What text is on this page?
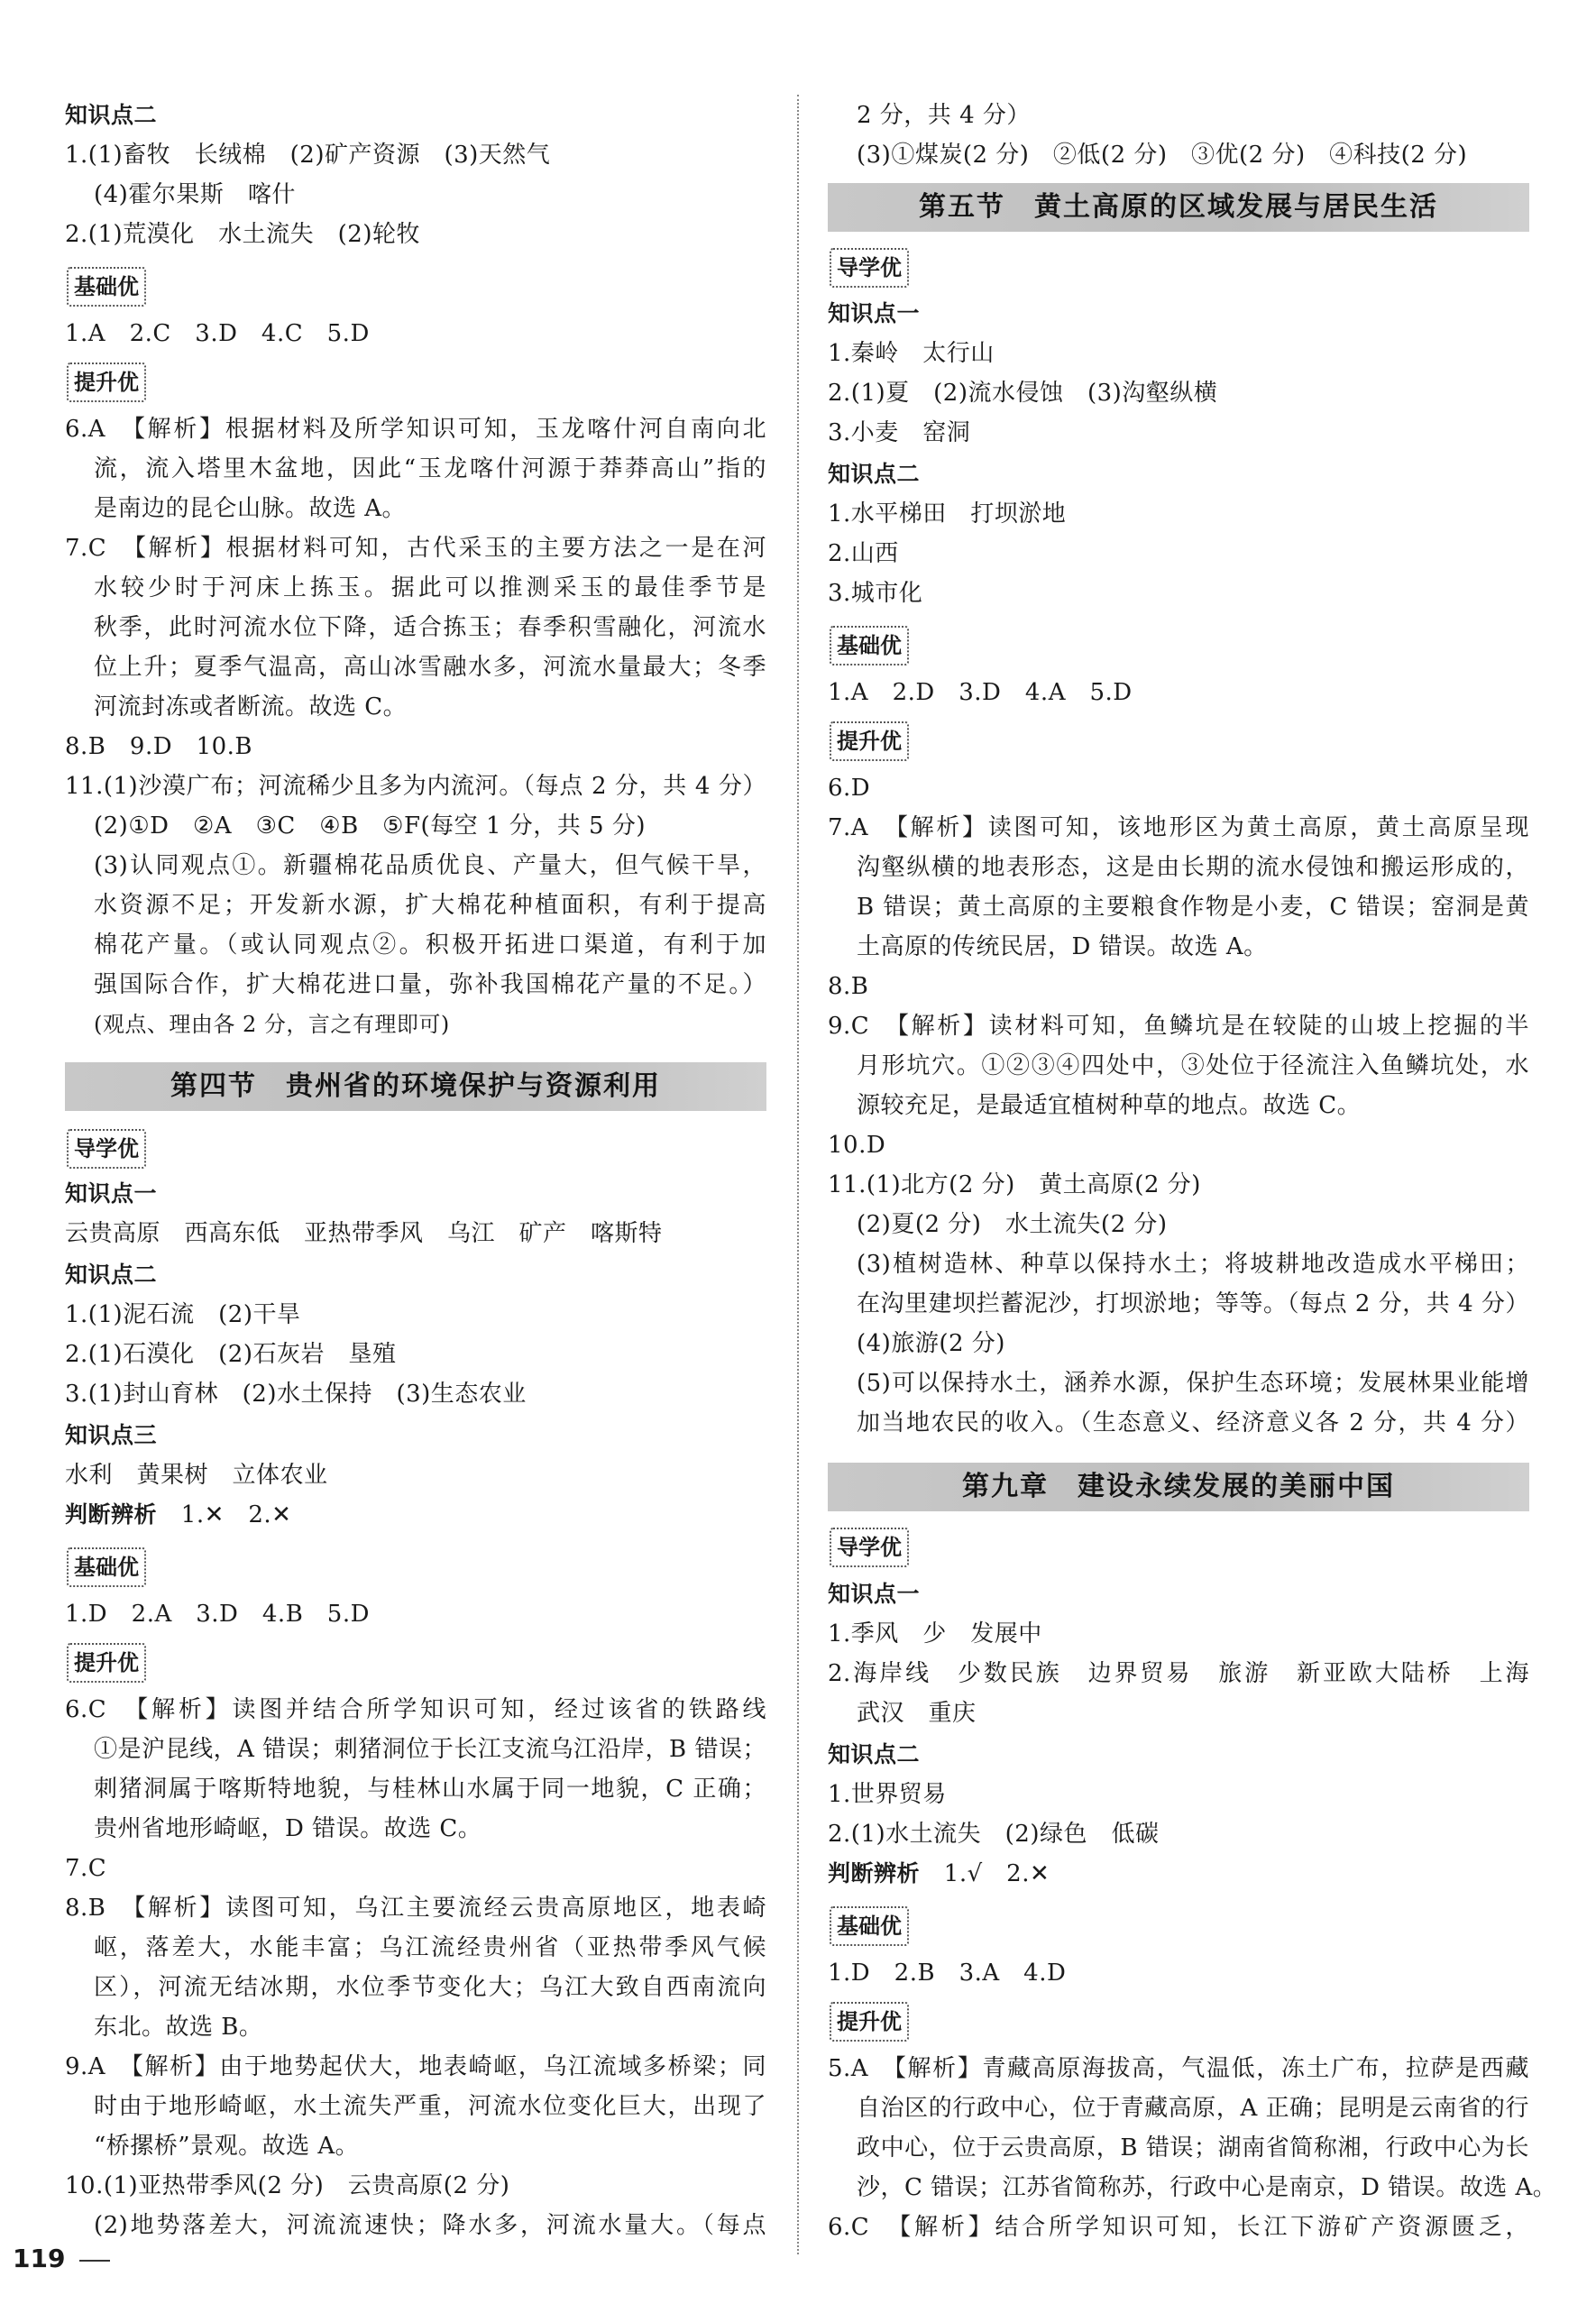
知识点二

1.(1)畜牧　长绒棉　(2)矿产资源　(3)天然气

(4)霍尔果斯　喀什

2.(1)荒漠化　水土流失　(2)轮牧

基础优

1.A　2.C　3.D　4.C　5.D

提升优

6.A　【解析】根据材料及所学知识可知，玉龙喀什河自南向北

流，流入塔里木盆地，因此“玉龙喀什河源于莽莽高山”指的

是南边的昆仑山脉。故选 A。

7.C　【解析】根据材料可知，古代采玉的主要方法之一是在河

水较少时于河床上拣玉。据此可以推测采玉的最佳季节是

秋季，此时河流水位下降，适合拣玉；春季积雪融化，河流水

位上升；夏季气温高，高山冰雪融水多，河流水量最大；冬季

河流封冻或者断流。故选 C。

8.B　9.D　10.B

11.(1)沙漠广布；河流稀少且多为内流河。（每点 2 分，共 4 分）

(2)①D　②A　③C　④B　⑤F(每空 1 分，共 5 分)

(3)认同观点①。新疆棉花品质优良、产量大，但气候干旱，

水资源不足；开发新水源，扩大棉花种植面积，有利于提高

棉花产量。（或认同观点②。积极开拓进口渠道，有利于加

强国际合作，扩大棉花进口量，弥补我国棉花产量的不足。）

(观点、理由各 2 分，言之有理即可)

第四节　贵州省的环境保护与资源利用
导学优

知识点一

云贵高原　西高东低　亚热带季风　乌江　矿产　喀斯特

知识点二

1.(1)泥石流　(2)干旱

2.(1)石漠化　(2)石灰岩　垦殖

3.(1)封山育林　(2)水土保持　(3)生态农业

知识点三

水利　黄果树　立体农业

判断辨析 1.✕　2.✕

基础优

1.D　2.A　3.D　4.B　5.D

提升优

6.C　【解析】读图并结合所学知识可知，经过该省的铁路线

①是沪昆线，A 错误；刺猪洞位于长江支流乌江沿岸，B 错误；

刺猪洞属于喀斯特地貌，与桂林山水属于同一地貌，C 正确；

贵州省地形崎岖，D 错误。故选 C。

7.C

8.B　【解析】读图可知，乌江主要流经云贵高原地区，地表崎

岖，落差大，水能丰富；乌江流经贵州省（亚热带季风气候

区），河流无结冰期，水位季节变化大；乌江大致自西南流向

东北。故选 B。

9.A　【解析】由于地势起伏大，地表崎岖，乌江流域多桥梁；同

时由于地形崎岖，水土流失严重，河流水位变化巨大，出现了

“桥摞桥”景观。故选 A。

10.(1)亚热带季风(2 分)　云贵高原(2 分)

(2)地势落差大，河流流速快；降水多，河流水量大。（每点

2 分，共 4 分）

(3)①煤炭(2 分)　②低(2 分)　③优(2 分)　④科技(2 分)

第五节　黄土高原的区域发展与居民生活
导学优

知识点一

1.秦岭　太行山

2.(1)夏　(2)流水侵蚀　(3)沟壑纵横

3.小麦　窑洞

知识点二

1.水平梯田　打坝淤地

2.山西

3.城市化

基础优

1.A　2.D　3.D　4.A　5.D

提升优

6.D

7.A　【解析】读图可知，该地形区为黄土高原，黄土高原呈现

沟壑纵横的地表形态，这是由长期的流水侵蚀和搬运形成的，

B 错误；黄土高原的主要粮食作物是小麦，C 错误；窑洞是黄

土高原的传统民居，D 错误。故选 A。

8.B

9.C　【解析】读材料可知，鱼鳞坑是在较陡的山坡上挖掘的半

月形坑穴。①②③④四处中，③处位于径流注入鱼鳞坑处，水

源较充足，是最适宜植树种草的地点。故选 C。

10.D

11.(1)北方(2 分)　黄土高原(2 分)

(2)夏(2 分)　水土流失(2 分)

(3)植树造林、种草以保持水土；将坡耕地改造成水平梯田；

在沟里建坝拦蓄泥沙，打坝淤地；等等。（每点 2 分，共 4 分）

(4)旅游(2 分)

(5)可以保持水土，涵养水源，保护生态环境；发展林果业能增

加当地农民的收入。（生态意义、经济意义各 2 分，共 4 分）

第九章　建设永续发展的美丽中国
导学优

知识点一

1.季风　少　发展中

2.海岸线　少数民族　边界贸易　旅游　新亚欧大陆桥　上海

武汉　重庆

知识点二

1.世界贸易

2.(1)水土流失　(2)绿色　低碳

判断辨析 1.√　2.✕

基础优

1.D　2.B　3.A　4.D

提升优

5.A　【解析】青藏高原海拔高，气温低，冻土广布，拉萨是西藏

自治区的行政中心，位于青藏高原，A 正确；昆明是云南省的行

政中心，位于云贵高原，B 错误；湖南省简称湘，行政中心为长

沙，C 错误；江苏省简称苏，行政中心是南京，D 错误。故选 A。

6.C　【解析】结合所学知识可知，长江下游矿产资源匮乏，

119
